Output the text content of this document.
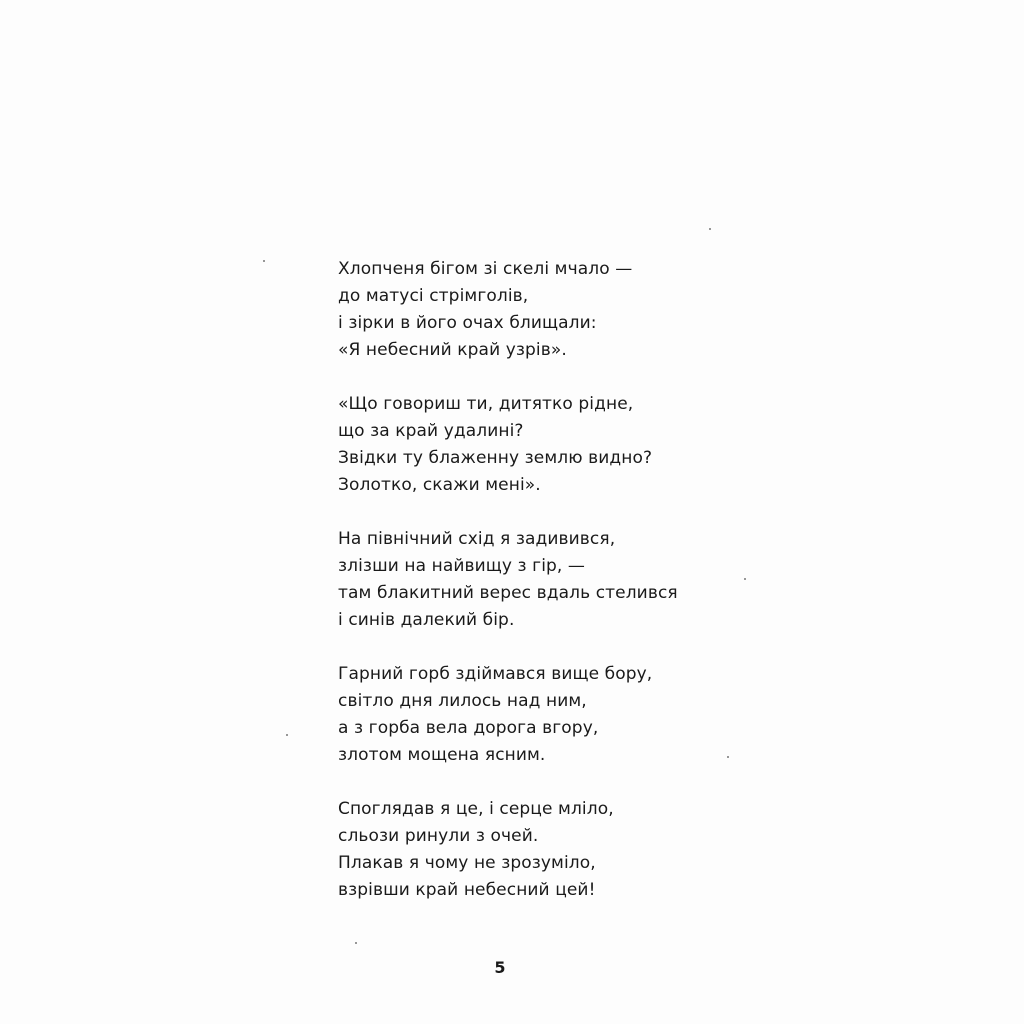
Хлопченя бігом зі скелі мчало —
до матусі стрімголів,
і зірки в його очах блищали:
«Я небесний край узрів».
«Що говориш ти, дитятко рідне,
що за край удалині?
Звідки ту блаженну землю видно?
Золотко, скажи мені».
На північний схід я задивився,
злізши на найвищу з гір, —
там блакитний верес вдаль стелився
і синів далекий бір.
Гарний горб здіймався вище бору,
світло дня лилось над ним,
а з горба вела дорога вгору,
злотом мощена ясним.
Споглядав я це, і серце мліло,
сльози ринули з очей.
Плакав я чому не зрозуміло,
взрівши край небесний цей!
5
